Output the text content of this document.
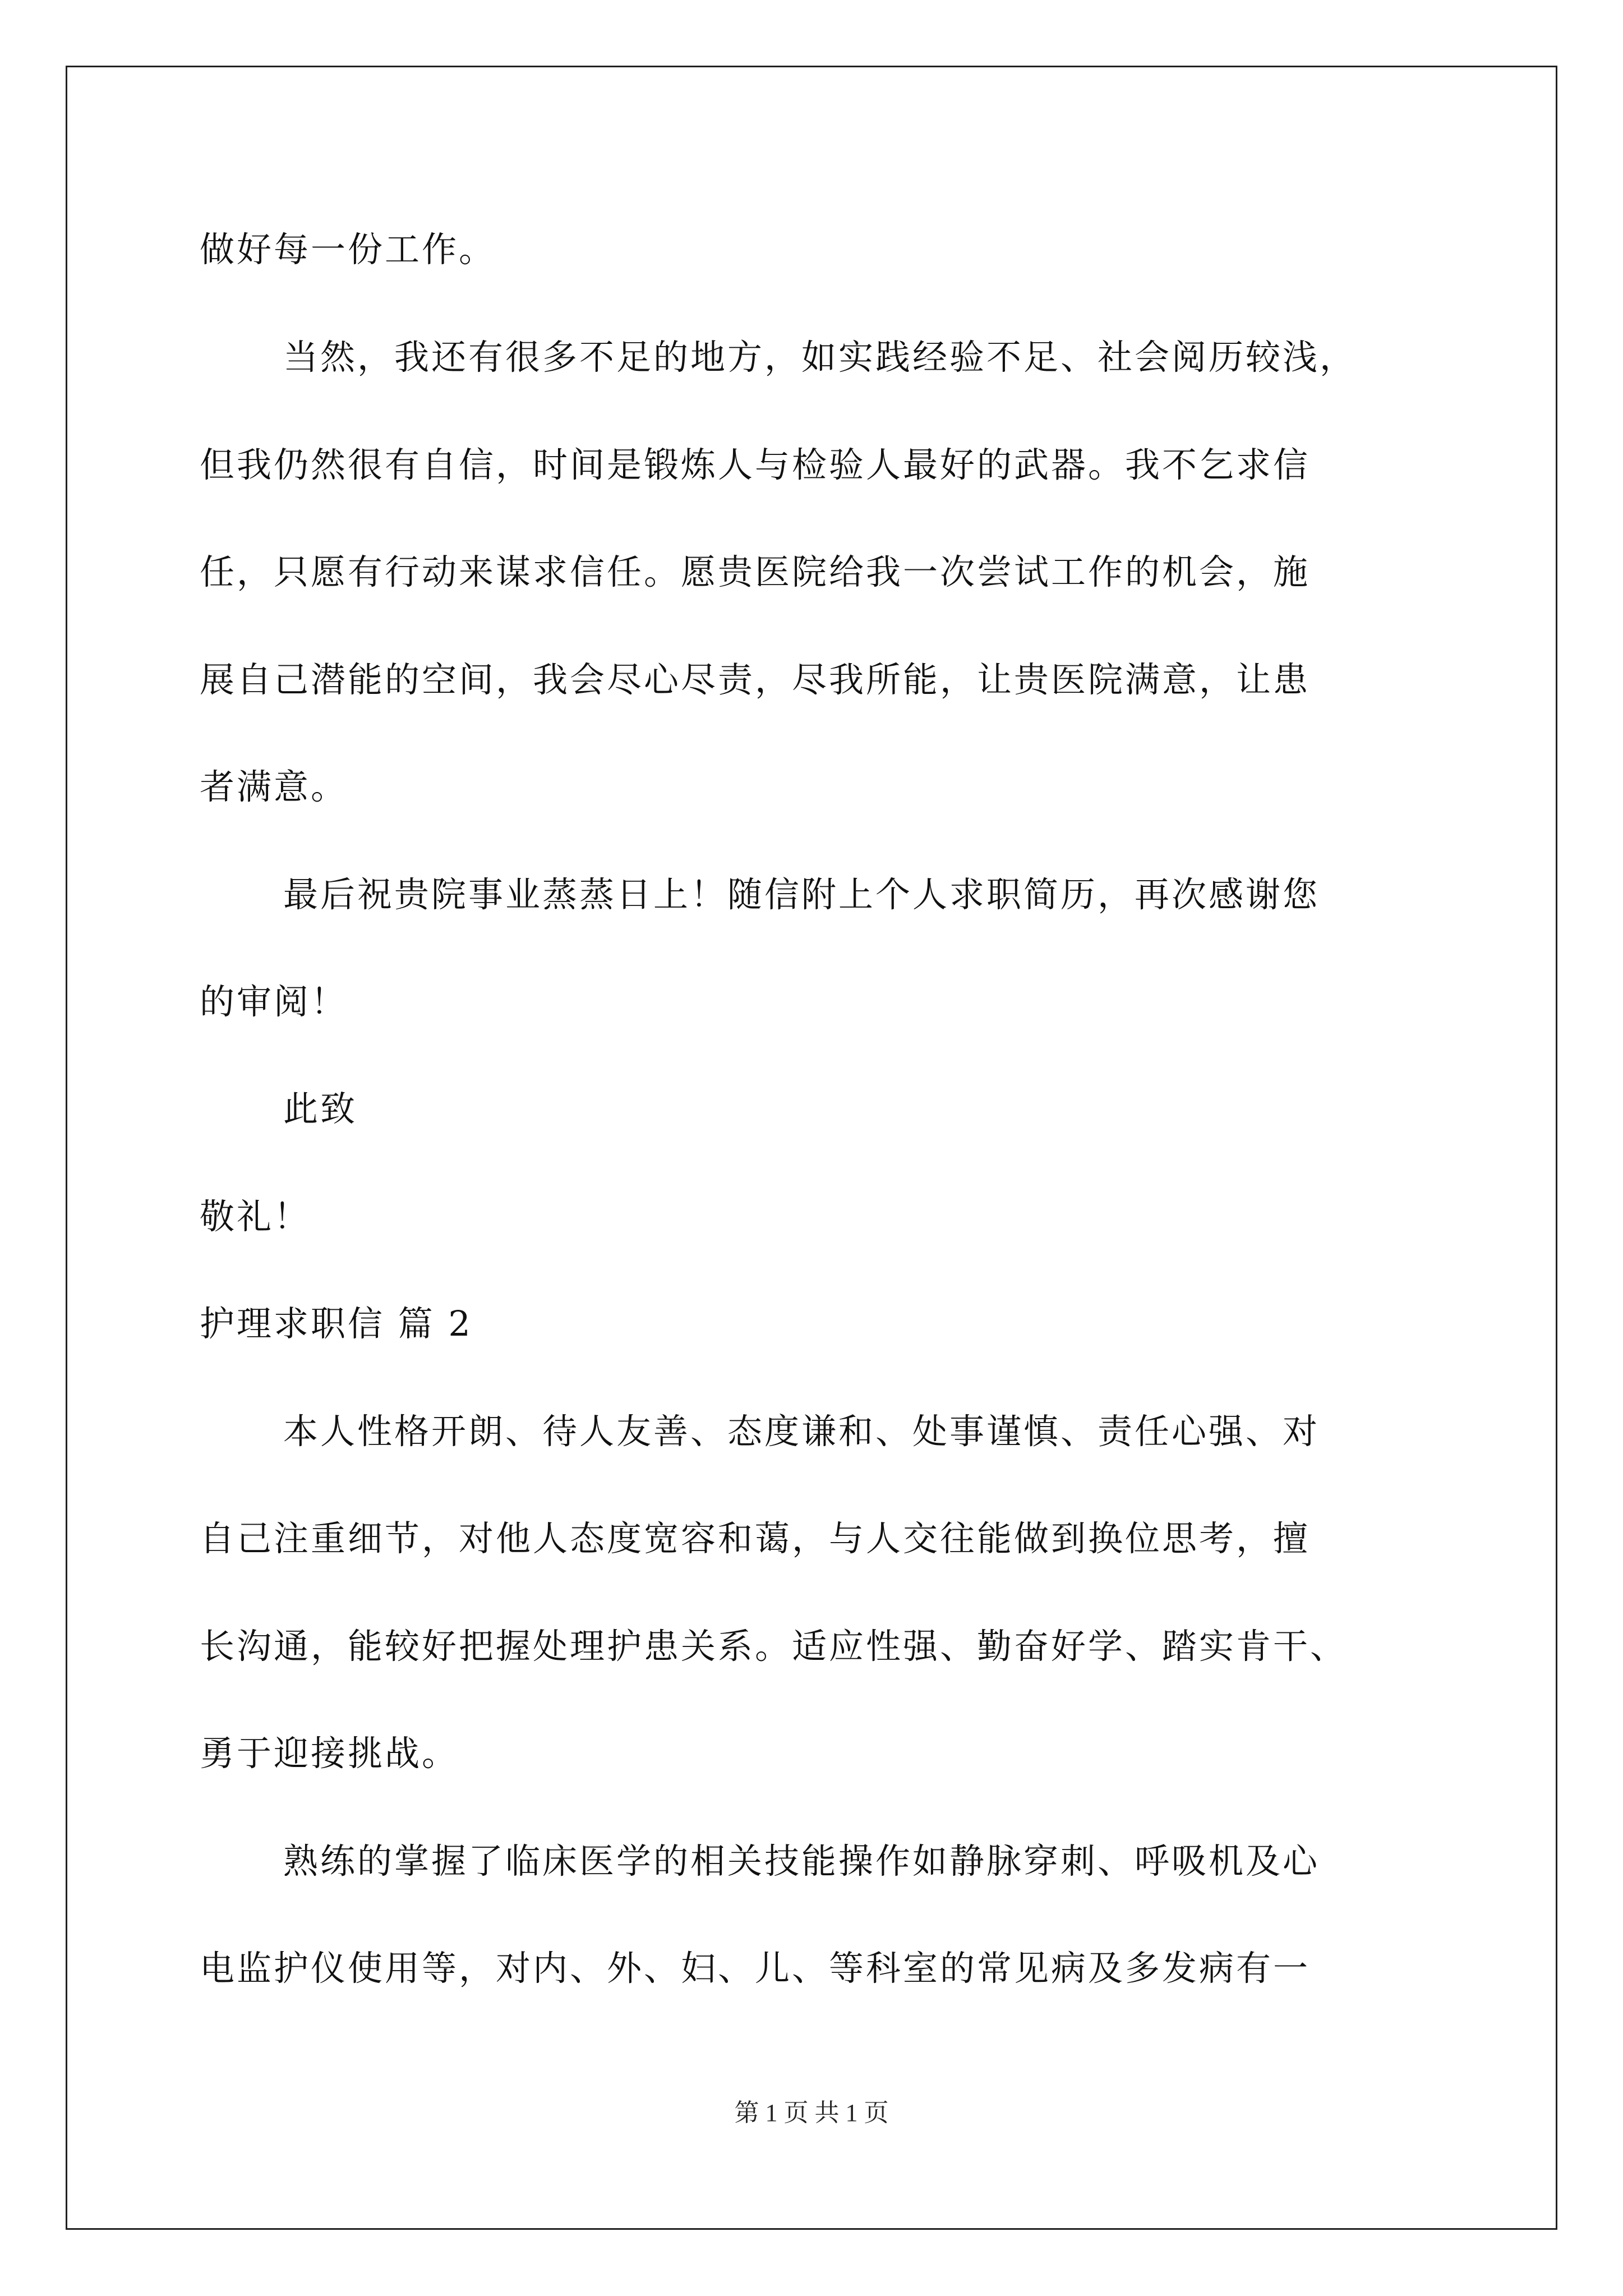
做好每一份工作。
当然，我还有很多不足的地方，如实践经验不足、社会阅历较浅，
但我仍然很有自信，时间是锻炼人与检验人最好的武器。我不乞求信
任，只愿有行动来谋求信任。愿贵医院给我一次尝试工作的机会，施
展自己潜能的空间，我会尽心尽责，尽我所能，让贵医院满意，让患
者满意。
最后祝贵院事业蒸蒸日上！随信附上个人求职简历，再次感谢您
的审阅！
此致
敬礼！
护理求职信 篇 2
本人性格开朗、待人友善、态度谦和、处事谨慎、责任心强、对
自己注重细节，对他人态度宽容和蔼，与人交往能做到换位思考，擅
长沟通，能较好把握处理护患关系。适应性强、勤奋好学、踏实肯干、
勇于迎接挑战。
熟练的掌握了临床医学的相关技能操作如静脉穿刺、呼吸机及心
电监护仪使用等，对内、外、妇、儿、等科室的常见病及多发病有一
第 1 页 共 1 页
